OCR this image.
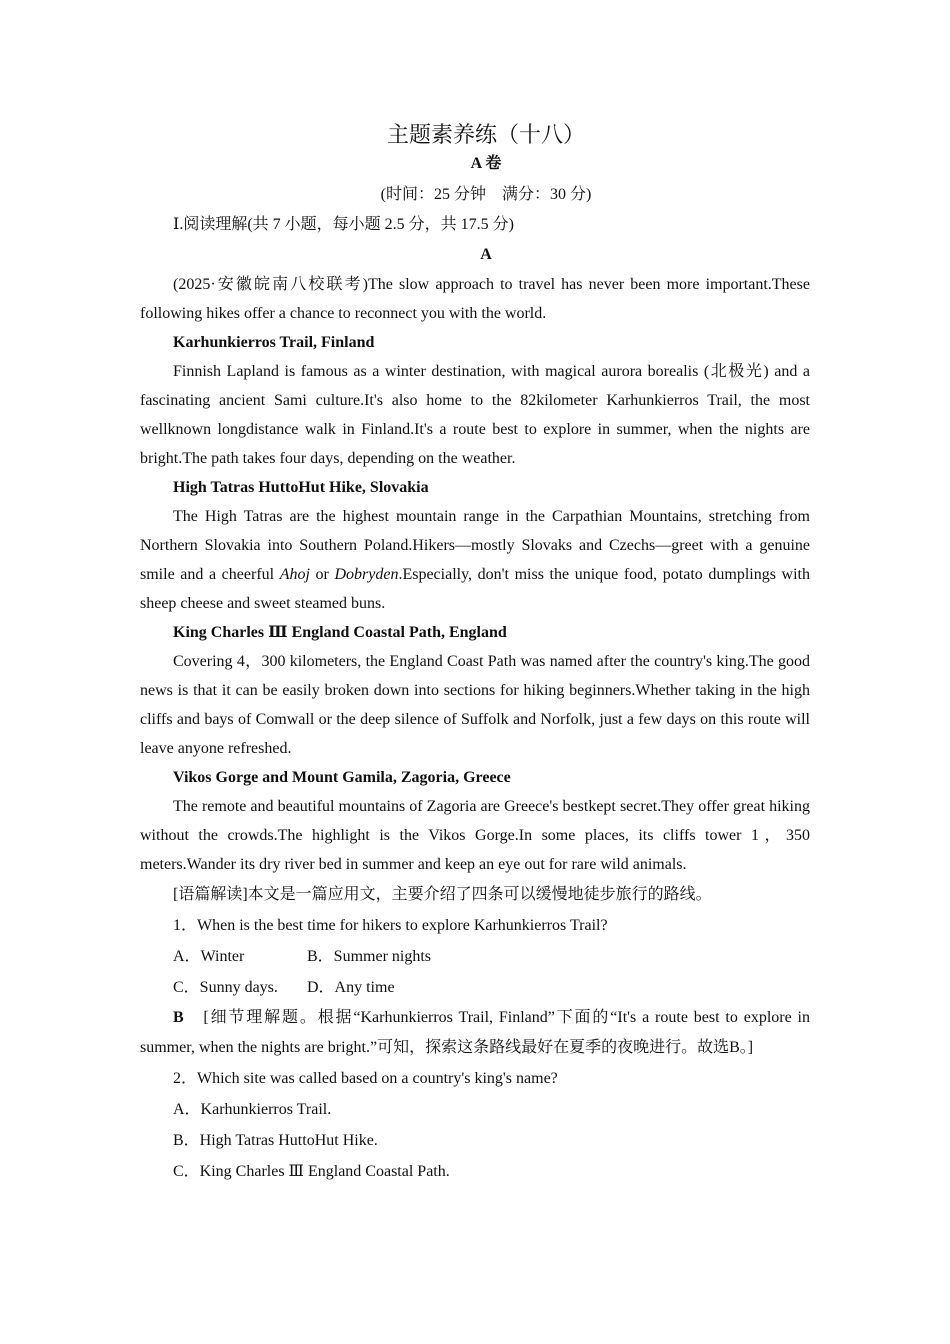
主题素养练（十八）
A 卷
(时间：25 分钟　满分：30 分)
Ⅰ.阅读理解(共 7 小题，每小题 2.5 分，共 17.5 分)
A

(2025·安徽皖南八校联考)The slow approach to travel has never been more important.These following hikes offer a chance to reconnect you with the world.

Karhunkierros Trail, Finland

Finnish Lapland is famous as a winter destination, with magical aurora borealis (北极光) and a fascinating ancient Sami culture.It's also home to the 82kilometer Karhunkierros Trail, the most wellknown longdistance walk in Finland.It's a route best to explore in summer, when the nights are bright.The path takes four days, depending on the weather.

High Tatras HuttoHut Hike, Slovakia

The High Tatras are the highest mountain range in the Carpathian Mountains, stretching from Northern Slovakia into Southern Poland.Hikers—mostly Slovaks and Czechs—greet with a genuine smile and a cheerful Ahoj or Dobryden.Especially, don't miss the unique food, potato dumplings with sheep cheese and sweet steamed buns.

King Charles Ⅲ England Coastal Path, England

Covering 4，300 kilometers, the England Coast Path was named after the country's king.The good news is that it can be easily broken down into sections for hiking beginners.Whether taking in the high cliffs and bays of Comwall or the deep silence of Suffolk and Norfolk, just a few days on this route will leave anyone refreshed.

Vikos Gorge and Mount Gamila, Zagoria, Greece

The remote and beautiful mountains of Zagoria are Greece's bestkept secret.They offer great hiking without the crowds.The highlight is the Vikos Gorge.In some places, its cliffs tower 1，350 meters.Wander its dry river bed in summer and keep an eye out for rare wild animals.

[语篇解读]本文是一篇应用文，主要介绍了四条可以缓慢地徒步旅行的路线。
1．When is the best time for hikers to explore Karhunkierros Trail?
A．Winter	B．Summer nights
C．Sunny days. D．Any time

B　 [细节理解题。根据“Karhunkierros Trail, Finland”下面的“It's a route best to explore in summer, when the nights are bright.”可知，探索这条路线最好在夏季的夜晚进行。故选B。]

2．Which site was called based on a country's king's name?
A．Karhunkierros Trail.
B．High Tatras HuttoHut Hike.
C．King Charles Ⅲ England Coastal Path.
